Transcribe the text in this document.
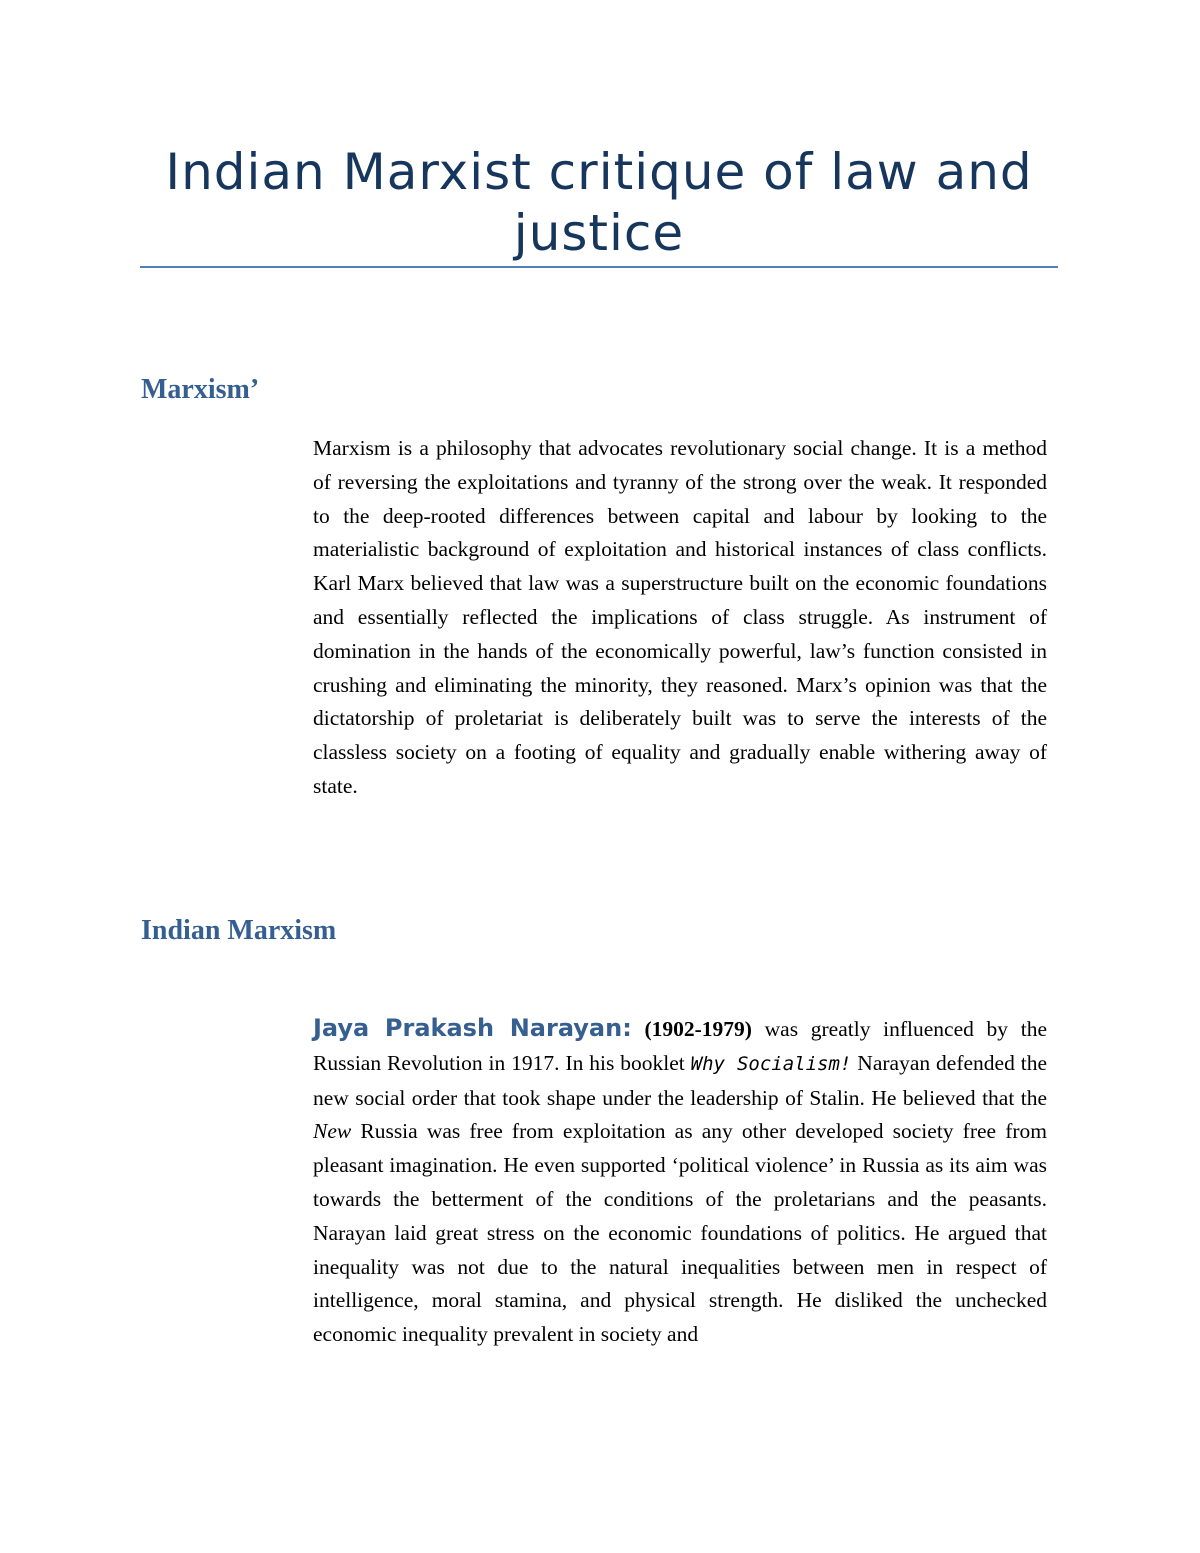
Indian Marxist critique of law and justice
Marxism’

Marxism is a philosophy that advocates revolutionary social change. It is a method of reversing the exploitations and tyranny of the strong over the weak. It responded to the deep-rooted differences between capital and labour by looking to the materialistic background of exploitation and historical instances of class conflicts. Karl Marx believed that law was a superstructure built on the economic foundations and essentially reflected the implications of class struggle. As instrument of domination in the hands of the economically powerful, law’s function consisted in crushing and eliminating the minority, they reasoned. Marx’s opinion was that the dictatorship of proletariat is deliberately built was to serve the interests of the classless society on a footing of equality and gradually enable withering away of state.

Indian Marxism

Jaya Prakash Narayan: (1902-1979) was greatly influenced by the Russian Revolution in 1917. In his booklet Why Socialism! Narayan defended the new social order that took shape under the leadership of Stalin. He believed that the New Russia was free from exploitation as any other developed society free from pleasant imagination. He even supported ‘political violence’ in Russia as its aim was towards the betterment of the conditions of the proletarians and the peasants. Narayan laid great stress on the economic foundations of politics. He argued that inequality was not due to the natural inequalities between men in respect of intelligence, moral stamina, and physical strength. He disliked the unchecked economic inequality prevalent in society and
